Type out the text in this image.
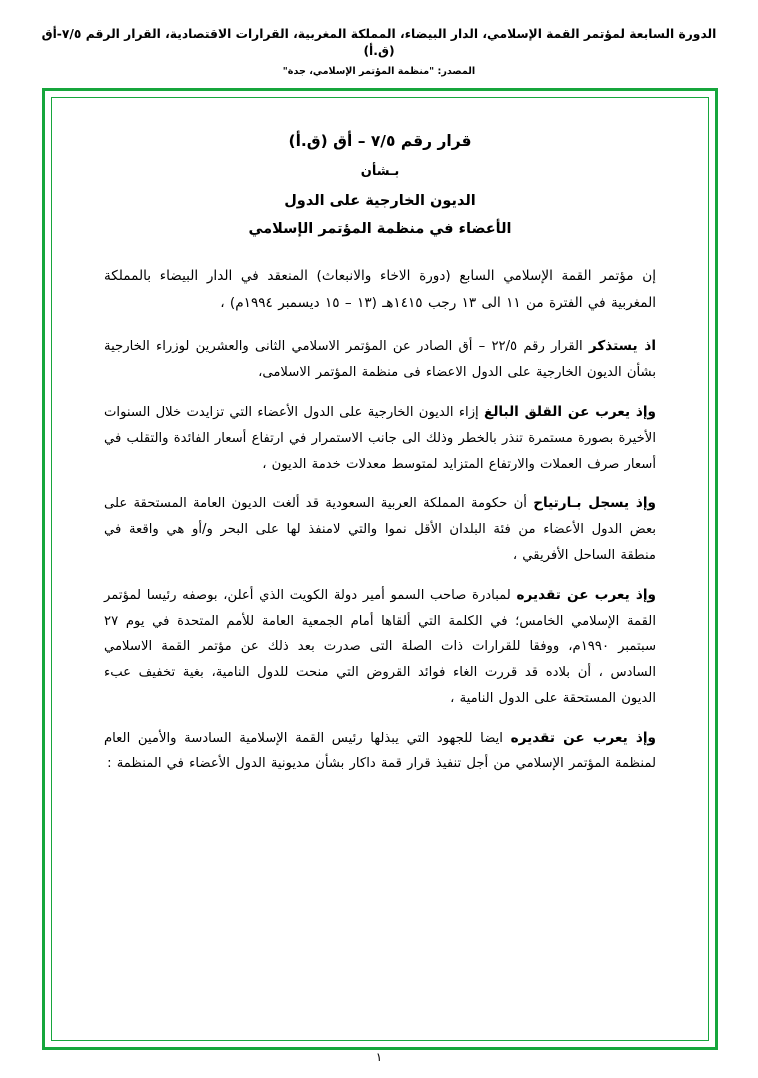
الدورة السابعة لمؤتمر القمة الإسلامي، الدار البيضاء، المملكة المغربية، القرارات الاقتصادية، القرار الرقم ٧/٥-أق (ق.أ)
المصدر: "منظمة المؤتمر الإسلامي، جدة"
قرار رقم ٧/٥ – أق (ق.أ)
بـشأن
الديون الخارجية على الدول
الأعضاء في منظمة المؤتمر الإسلامي

إن مؤتمر القمة الإسلامي السابع (دورة الاخاء والانبعاث) المنعقد في الدار البيضاء بالمملكة المغربية في الفترة من ١١ الى ١٣ رجب ١٤١٥هـ (١٣ – ١٥ ديسمبر ١٩٩٤م) ،

اذ يستذكر القرار رقم ٢٢/٥ – أق الصادر عن المؤتمر الاسلامي الثانى والعشرين لوزراء الخارجية بشأن الديون الخارجية على الدول الاعضاء فى منظمة المؤتمر الاسلامى،

وإذ يعرب عن القلق البالغ إزاء الديون الخارجية على الدول الأعضاء التي تزايدت خلال السنوات الأخيرة بصورة مستمرة تنذر بالخطر وذلك الى جانب الاستمرار في ارتفاع أسعار الفائدة والتقلب في أسعار صرف العملات والارتفاع المتزايد لمتوسط معدلات خدمة الديون ،

وإذ يسجل بـارتياح أن حكومة المملكة العربية السعودية قد ألغت الديون العامة المستحقة على بعض الدول الأعضاء من فئة البلدان الأقل نموا والتي لامنفذ لها على البحر و/أو هي واقعة في منطقة الساحل الأفريقي ،

وإذ يعرب عن تقديره لمبادرة صاحب السمو أمير دولة الكويت الذي أعلن، بوصفه رئيسا لمؤتمر القمة الإسلامي الخامس؛ في الكلمة التي ألقاها أمام الجمعية العامة للأمم المتحدة في يوم ٢٧ سبتمبر ١٩٩٠م، ووفقا للقرارات ذات الصلة التى صدرت بعد ذلك عن مؤتمر القمة الاسلامي السادس ، أن بلاده قد قررت الغاء فوائد القروض التي منحت للدول النامية، بغية تخفيف عبء الديون المستحقة على الدول النامية ،

وإذ يعرب عن تقديره ايضا للجهود التي يبذلها رئيس القمة الإسلامية السادسة والأمين العام لمنظمة المؤتمر الإسلامي من أجل تنفيذ قرار قمة داكار بشأن مديونية الدول الأعضاء في المنظمة :

١
